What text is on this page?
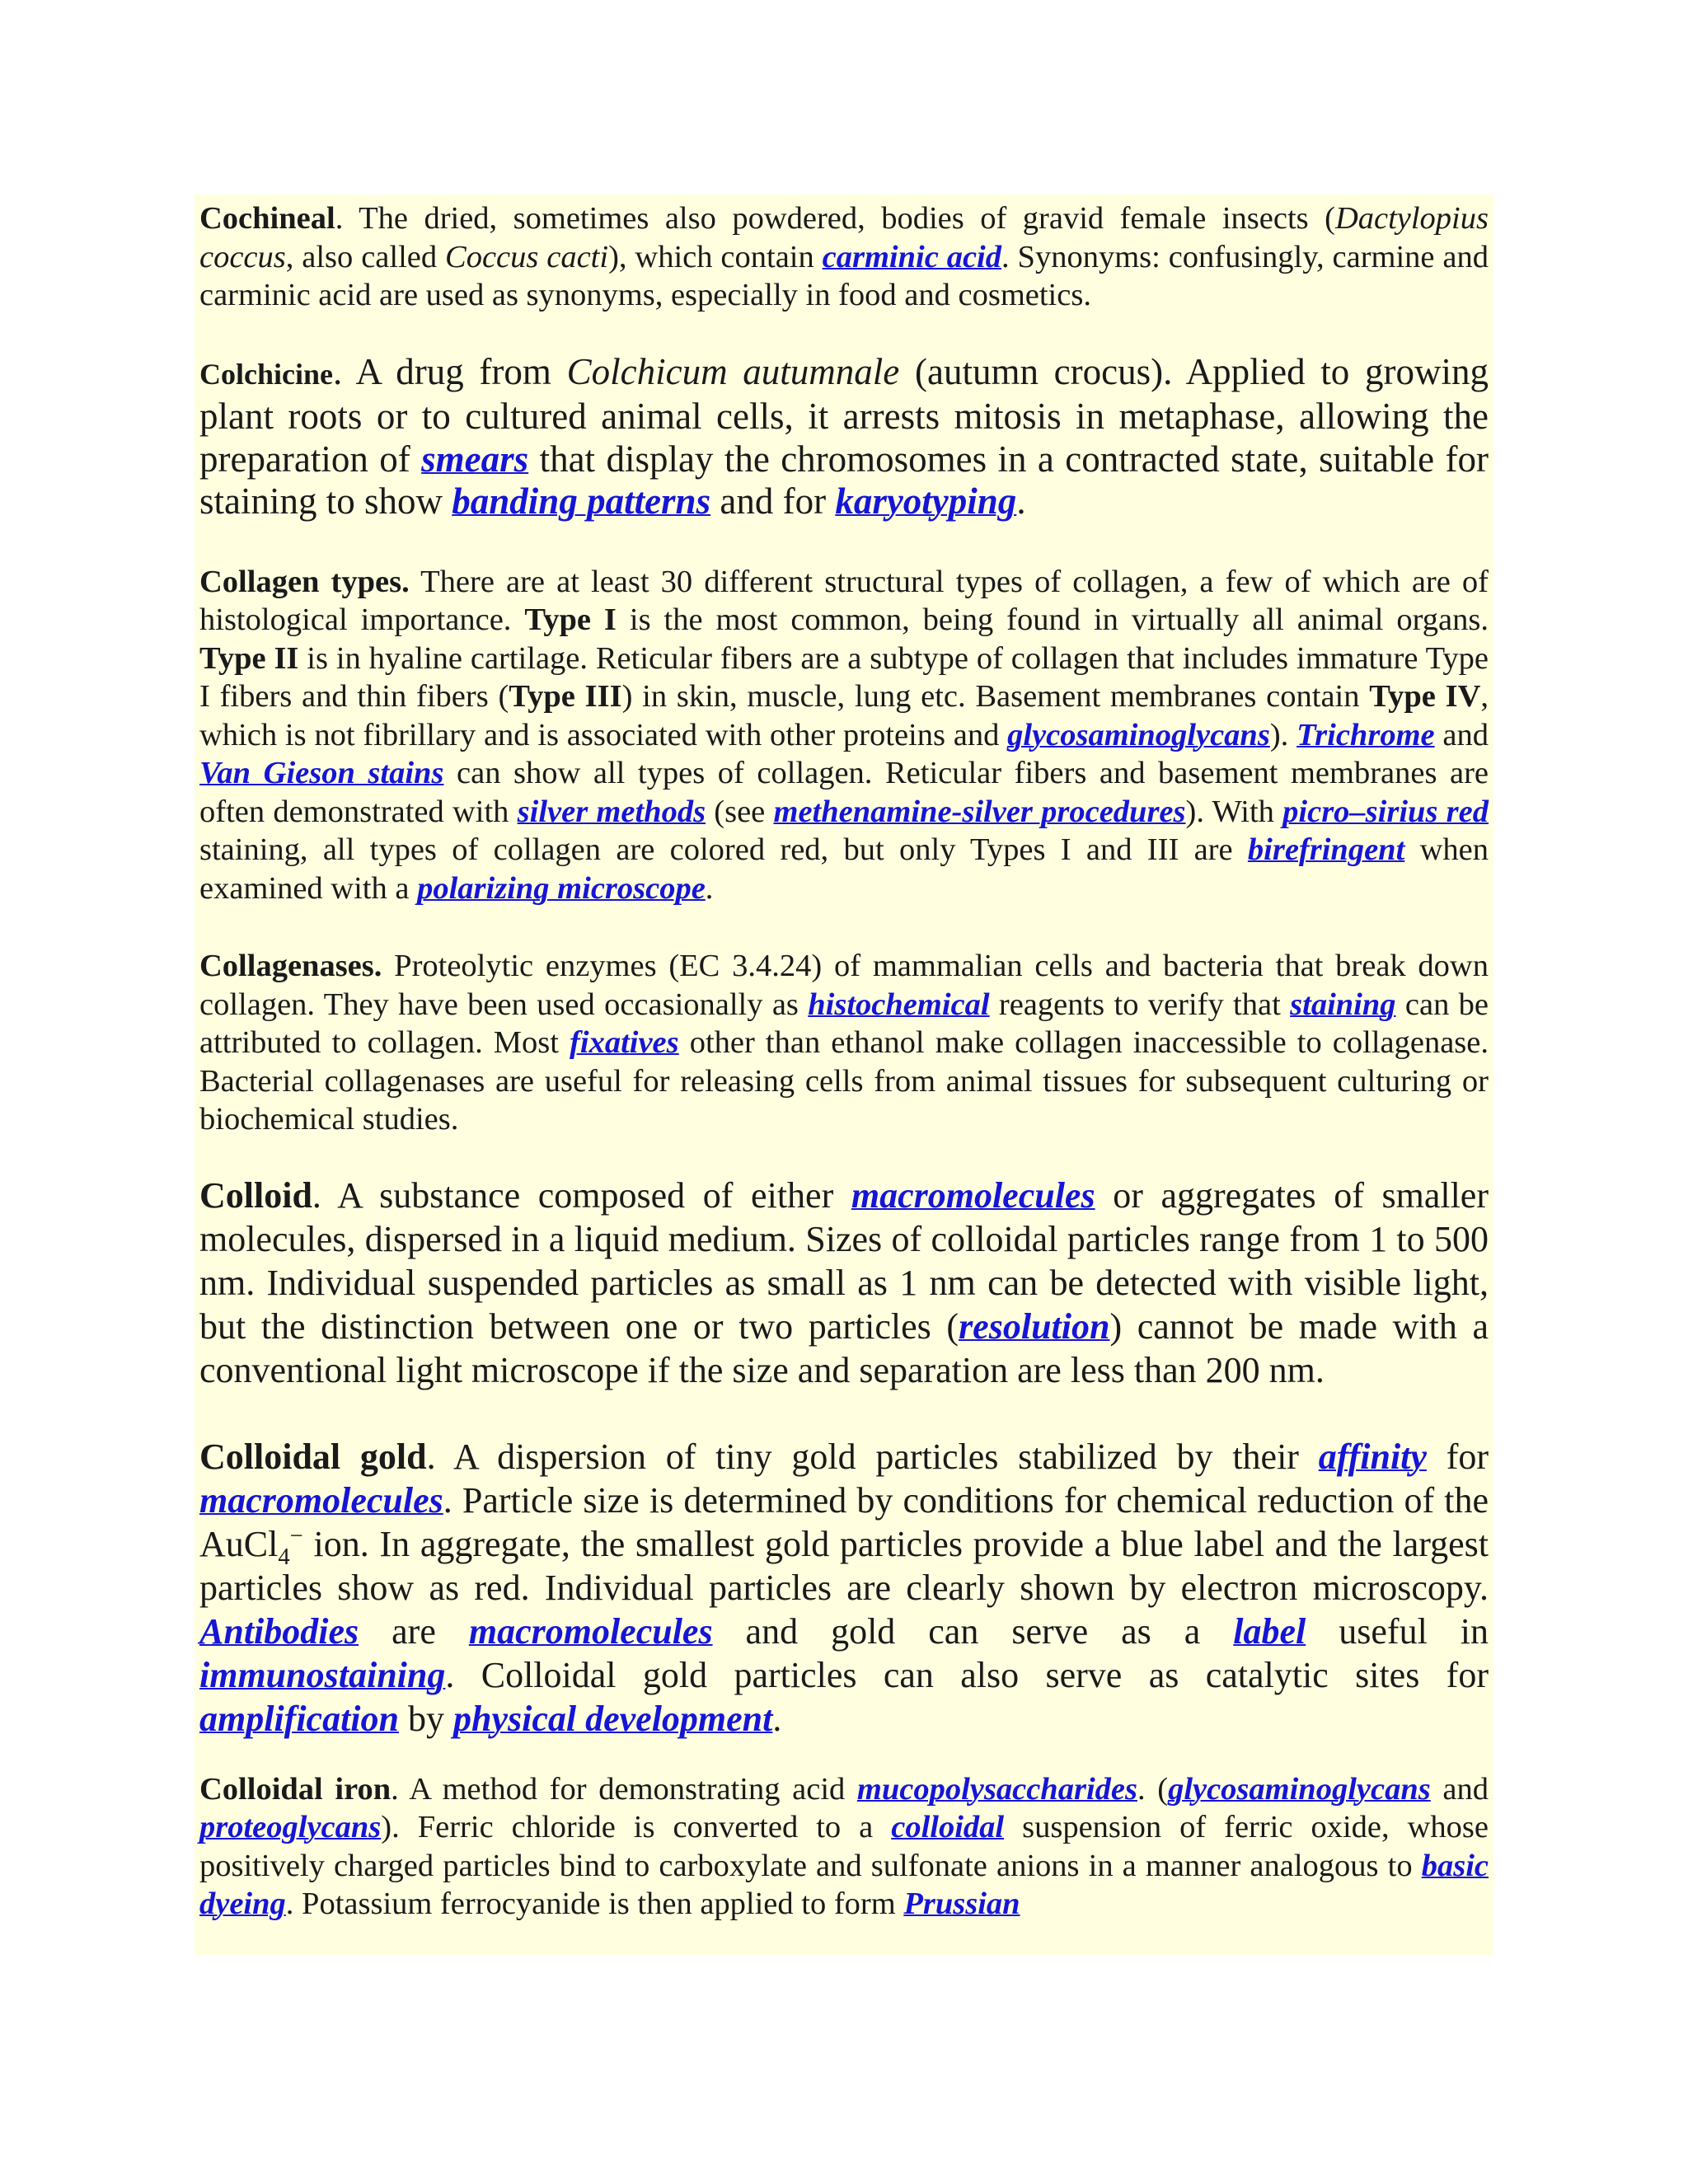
Cochineal. The dried, sometimes also powdered, bodies of gravid female insects (Dactylopius coccus, also called Coccus cacti), which contain carminic acid. Synonyms: confusingly, carmine and carminic acid are used as synonyms, especially in food and cosmetics.

Colchicine. A drug from Colchicum autumnale (autumn crocus). Applied to growing plant roots or to cultured animal cells, it arrests mitosis in metaphase, allowing the preparation of smears that display the chromosomes in a contracted state, suitable for staining to show banding patterns and for karyotyping.

Collagen types. There are at least 30 different structural types of collagen, a few of which are of histological importance. Type I is the most common, being found in virtually all animal organs. Type II is in hyaline cartilage. Reticular fibers are a subtype of collagen that includes immature Type I fibers and thin fibers (Type III) in skin, muscle, lung etc. Basement membranes contain Type IV, which is not fibrillary and is associated with other proteins and glycosaminoglycans). Trichrome and Van Gieson stains can show all types of collagen. Reticular fibers and basement membranes are often demonstrated with silver methods (see methenamine-silver procedures). With picro–sirius red staining, all types of collagen are colored red, but only Types I and III are birefringent when examined with a polarizing microscope.

Collagenases. Proteolytic enzymes (EC 3.4.24) of mammalian cells and bacteria that break down collagen. They have been used occasionally as histochemical reagents to verify that staining can be attributed to collagen. Most fixatives other than ethanol make collagen inaccessible to collagenase. Bacterial collagenases are useful for releasing cells from animal tissues for subsequent culturing or biochemical studies.

Colloid. A substance composed of either macromolecules or aggregates of smaller molecules, dispersed in a liquid medium. Sizes of colloidal particles range from 1 to 500 nm. Individual suspended particles as small as 1 nm can be detected with visible light, but the distinction between one or two particles (resolution) cannot be made with a conventional light microscope if the size and separation are less than 200 nm.

Colloidal gold. A dispersion of tiny gold particles stabilized by their affinity for macromolecules. Particle size is determined by conditions for chemical reduction of the AuCl$_4$− ion. In aggregate, the smallest gold particles provide a blue label and the largest particles show as red. Individual particles are clearly shown by electron microscopy. Antibodies are macromolecules and gold can serve as a label useful in immunostaining. Colloidal gold particles can also serve as catalytic sites for amplification by physical development.

Colloidal iron. A method for demonstrating acid mucopolysaccharides. (glycosaminoglycans and proteoglycans). Ferric chloride is converted to a colloidal suspension of ferric oxide, whose positively charged particles bind to carboxylate and sulfonate anions in a manner analogous to basic dyeing. Potassium ferrocyanide is then applied to form Prussian
